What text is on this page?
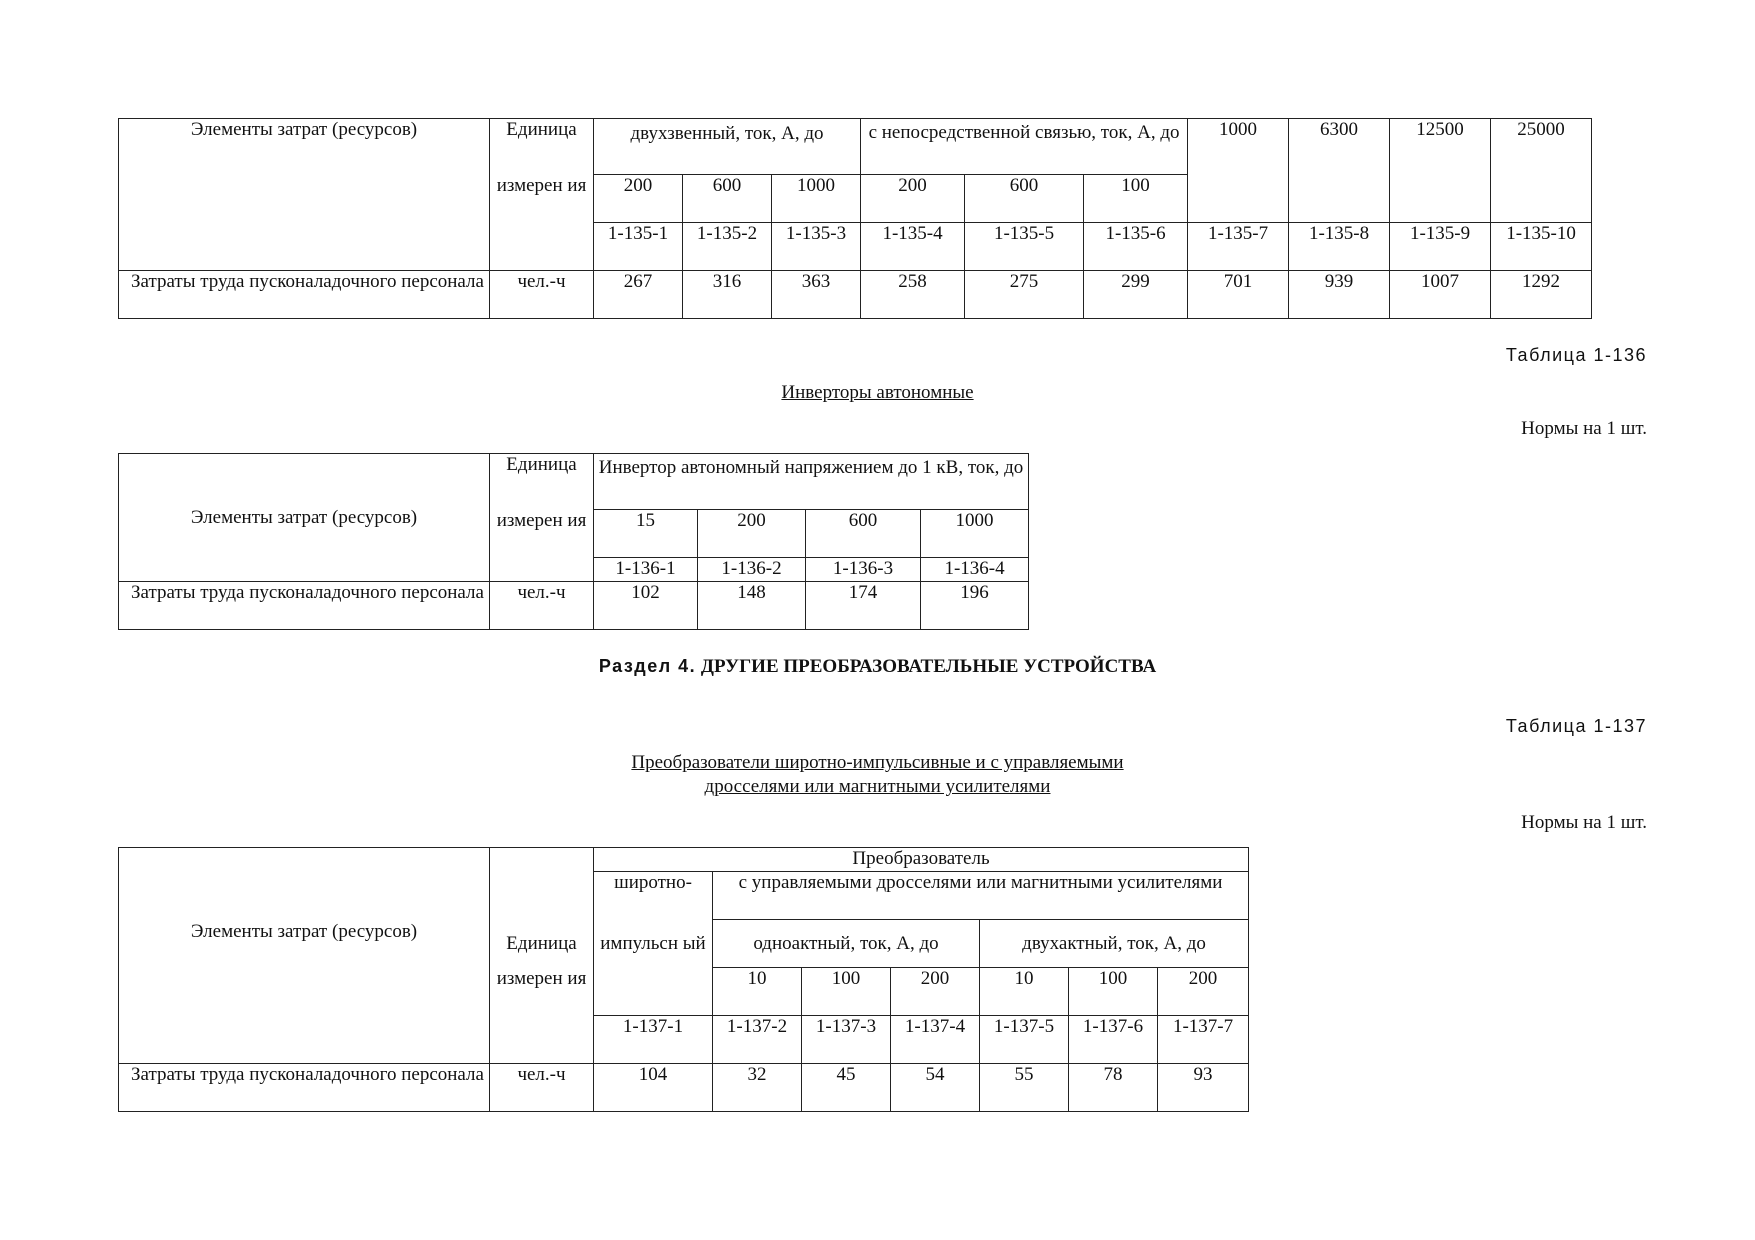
Элементы затрат (ресурсов)	Единица	двухзвенный, ток, А, до			с непосредственной связью, ток, А, до			1000	6300	12500	25000
	измерен ия	200	600	1000	200	600	100				
		1-135-1	1-135-2	1-135-3	1-135-4	1-135-5	1-135-6	1-135-7	1-135-8	1-135-9	1-135-10
Затраты труда пусконаладочного персонала	чел.-ч	267	316	363	258	275	299	701	939	1007	1292

Таблица 1-136

Инверторы автономные

Нормы на 1 шт.

Элементы затрат (ресурсов)	Единица	Инвертор автономный напряжением до 1 кВ, ток, до			
	измерен ия	15	200	600	1000
		1-136-1	1-136-2	1-136-3	1-136-4
Затраты труда пусконаладочного персонала	чел.-ч	102	148	174	196

Раздел 4. ДРУГИЕ ПРЕОБРАЗОВАТЕЛЬНЫЕ УСТРОЙСТВА

Таблица 1-137

Преобразователи широтно-импульсивные и с управляемыми

дросселями или магнитными усилителями

Нормы на 1 шт.

Элементы затрат (ресурсов)		Преобразователь						
		широтно-	с управляемыми дросселями или магнитными усилителями					
	Единица	импульсн ый	одноактный, ток, А, до			двухактный, ток, А, до		
	измерен ия		10	100	200	10	100	200
		1-137-1	1-137-2	1-137-3	1-137-4	1-137-5	1-137-6	1-137-7
Затраты труда пусконаладочного персонала	чел.-ч	104	32	45	54	55	78	93
